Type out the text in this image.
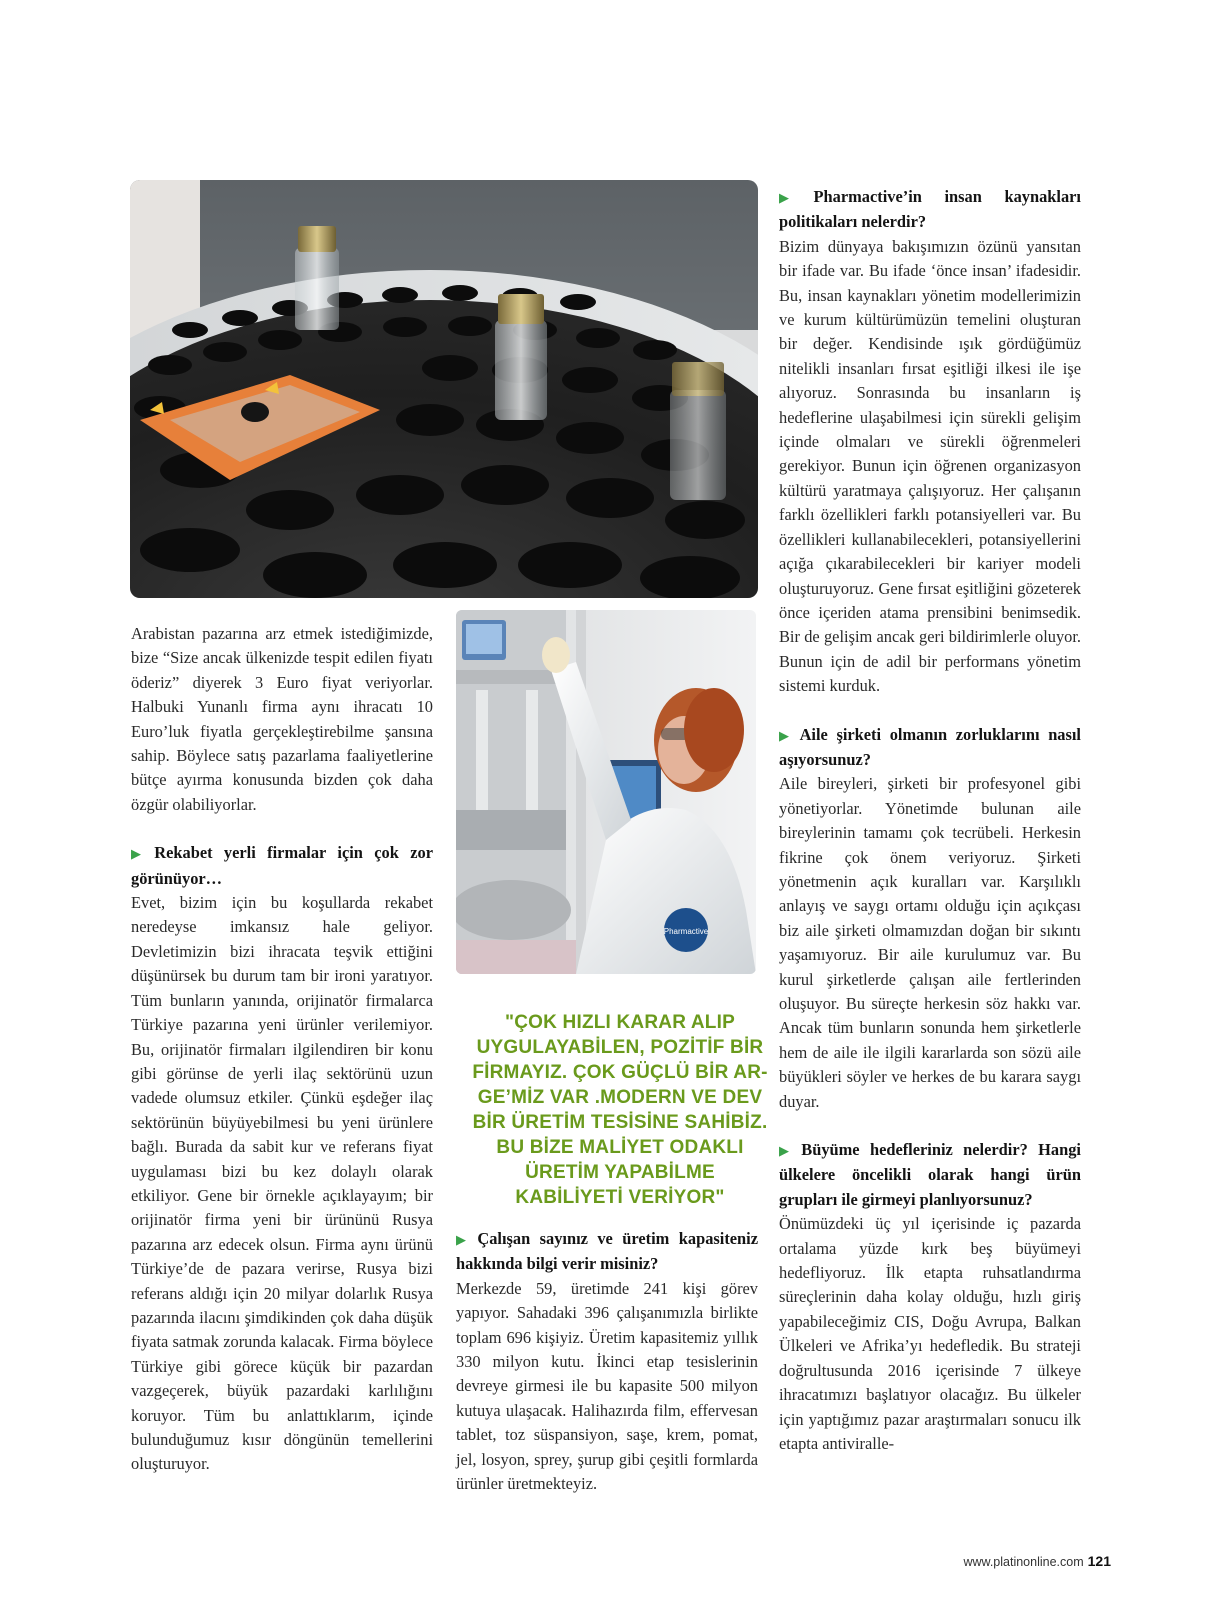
Pharmactive

Arabistan pazarına arz etmek istediğimizde, bize “Size ancak ülkenizde tespit edilen fiyatı öderiz” diyerek 3 Euro fiyat veriyorlar. Halbuki Yunanlı firma aynı ihracatı 10 Euro’luk fiyatla gerçekleştirebilme şansına sahip. Böylece satış pazarlama faaliyetlerine bütçe ayırma konusunda bizden çok daha özgür olabiliyorlar.

▶ Rekabet yerli firmalar için çok zor görünüyor…

Evet, bizim için bu koşullarda rekabet neredeyse imkansız hale geliyor. Devletimizin bizi ihracata teşvik ettiğini düşünürsek bu durum tam bir ironi yaratıyor. Tüm bunların yanında, orijinatör firmalarca Türkiye pazarına yeni ürünler verilemiyor. Bu, orijinatör firmaları ilgilendiren bir konu gibi görünse de yerli ilaç sektörünü uzun vadede olumsuz etkiler. Çünkü eşdeğer ilaç sektörünün büyüyebilmesi bu yeni ürünlere bağlı. Burada da sabit kur ve referans fiyat uygulaması bizi bu kez dolaylı olarak etkiliyor. Gene bir örnekle açıklayayım; bir orijinatör firma yeni bir ürününü Rusya pazarına arz edecek olsun. Firma aynı ürünü Türkiye’de de pazara verirse, Rusya bizi referans aldığı için 20 milyar dolarlık Rusya pazarında ilacını şimdikinden çok daha düşük fiyata satmak zorunda kalacak. Firma böylece Türkiye gibi görece küçük bir pazardan vazgeçerek, büyük pazardaki karlılığını koruyor. Tüm bu anlattıklarım, içinde bulunduğumuz kısır döngünün temellerini oluşturuyor.

"ÇOK HIZLI KARAR ALIP UYGULAYABİLEN, POZİTİF BİR FİRMAYIZ. ÇOK GÜÇLÜ BİR AR-GE’MİZ VAR .MODERN VE DEV BİR ÜRETİM TESİSİNE SAHİBİZ. BU BİZE MALİYET ODAKLI ÜRETİM YAPABİLME KABİLİYETİ VERİYOR"

▶ Çalışan sayınız ve üretim kapasiteniz hakkında bilgi verir misiniz?

Merkezde 59, üretimde 241 kişi görev yapıyor. Sahadaki 396 çalışanımızla birlikte toplam 696 kişiyiz. Üretim kapasitemiz yıllık 330 milyon kutu. İkinci etap tesislerinin devreye girmesi ile bu kapasite 500 milyon kutuya ulaşacak. Halihazırda film, effervesan tablet, toz süspansiyon, saşe, krem, pomat, jel, losyon, sprey, şurup gibi çeşitli formlarda ürünler üretmekteyiz.

▶ Pharmactive’in insan kaynakları politikaları nelerdir?

Bizim dünyaya bakışımızın özünü yansıtan bir ifade var. Bu ifade ‘önce insan’ ifadesidir. Bu, insan kaynakları yönetim modellerimizin ve kurum kültürümüzün temelini oluşturan bir değer. Kendisinde ışık gördüğümüz nitelikli insanları fırsat eşitliği ilkesi ile işe alıyoruz. Sonrasında bu insanların iş hedeflerine ulaşabilmesi için sürekli gelişim içinde olmaları ve sürekli öğrenmeleri gerekiyor. Bunun için öğrenen organizasyon kültürü yaratmaya çalışıyoruz. Her çalışanın farklı özellikleri farklı potansiyelleri var. Bu özellikleri kullanabilecekleri, potansiyellerini açığa çıkarabilecekleri bir kariyer modeli oluşturuyoruz. Gene fırsat eşitliğini gözeterek önce içeriden atama prensibini benimsedik. Bir de gelişim ancak geri bildirimlerle oluyor. Bunun için de adil bir performans yönetim sistemi kurduk.

▶ Aile şirketi olmanın zorluklarını nasıl aşıyorsunuz?

Aile bireyleri, şirketi bir profesyonel gibi yönetiyorlar. Yönetimde bulunan aile bireylerinin tamamı çok tecrübeli. Herkesin fikrine çok önem veriyoruz. Şirketi yönetmenin açık kuralları var. Karşılıklı anlayış ve saygı ortamı olduğu için açıkçası biz aile şirketi olmamızdan doğan bir sıkıntı yaşamıyoruz. Bir aile kurulumuz var. Bu kurul şirketlerde çalışan aile fertlerinden oluşuyor. Bu süreçte herkesin söz hakkı var. Ancak tüm bunların sonunda hem şirketlerle hem de aile ile ilgili kararlarda son sözü aile büyükleri söyler ve herkes de bu karara saygı duyar.

▶ Büyüme hedefleriniz nelerdir? Hangi ülkelere öncelikli olarak hangi ürün grupları ile girmeyi planlıyorsunuz?

Önümüzdeki üç yıl içerisinde iç pazarda ortalama yüzde kırk beş büyümeyi hedefliyoruz. İlk etapta ruhsatlandırma süreçlerinin daha kolay olduğu, hızlı giriş yapabileceğimiz CIS, Doğu Avrupa, Balkan Ülkeleri ve Afrika’yı hedefledik. Bu strateji doğrultusunda 2016 içerisinde 7 ülkeye ihracatımızı başlatıyor olacağız. Bu ülkeler için yaptığımız pazar araştırmaları sonucu ilk etapta antiviralle-

www.platinonline.com 121
